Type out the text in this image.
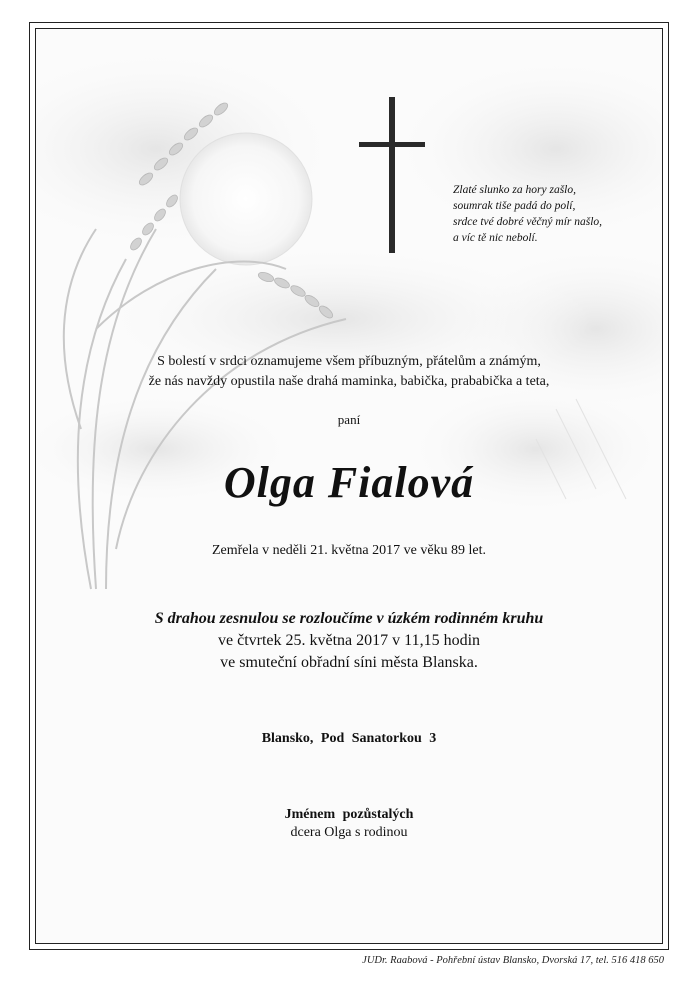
Zlaté slunko za hory zašlo,
soumrak tiše padá do polí,
srdce tvé dobré věčný mír našlo,
a víc tě nic nebolí.
S bolestí v srdci oznamujeme všem příbuzným, přátelům a známým,
že nás navždy opustila naše drahá maminka, babička, prababička a teta,
paní
Olga Fialová
Zemřela v neděli 21. května 2017 ve věku 89 let.
S drahou zesnulou se rozloučíme v úzkém rodinném kruhu
ve čtvrtek 25. května 2017 v 11,15 hodin
ve smuteční obřadní síni města Blanska.
Blansko, Pod Sanatorkou 3
Jménem pozůstalých
dcera Olga s rodinou
JUDr. Raabová - Pohřební ústav Blansko, Dvorská 17, tel. 516 418 650
